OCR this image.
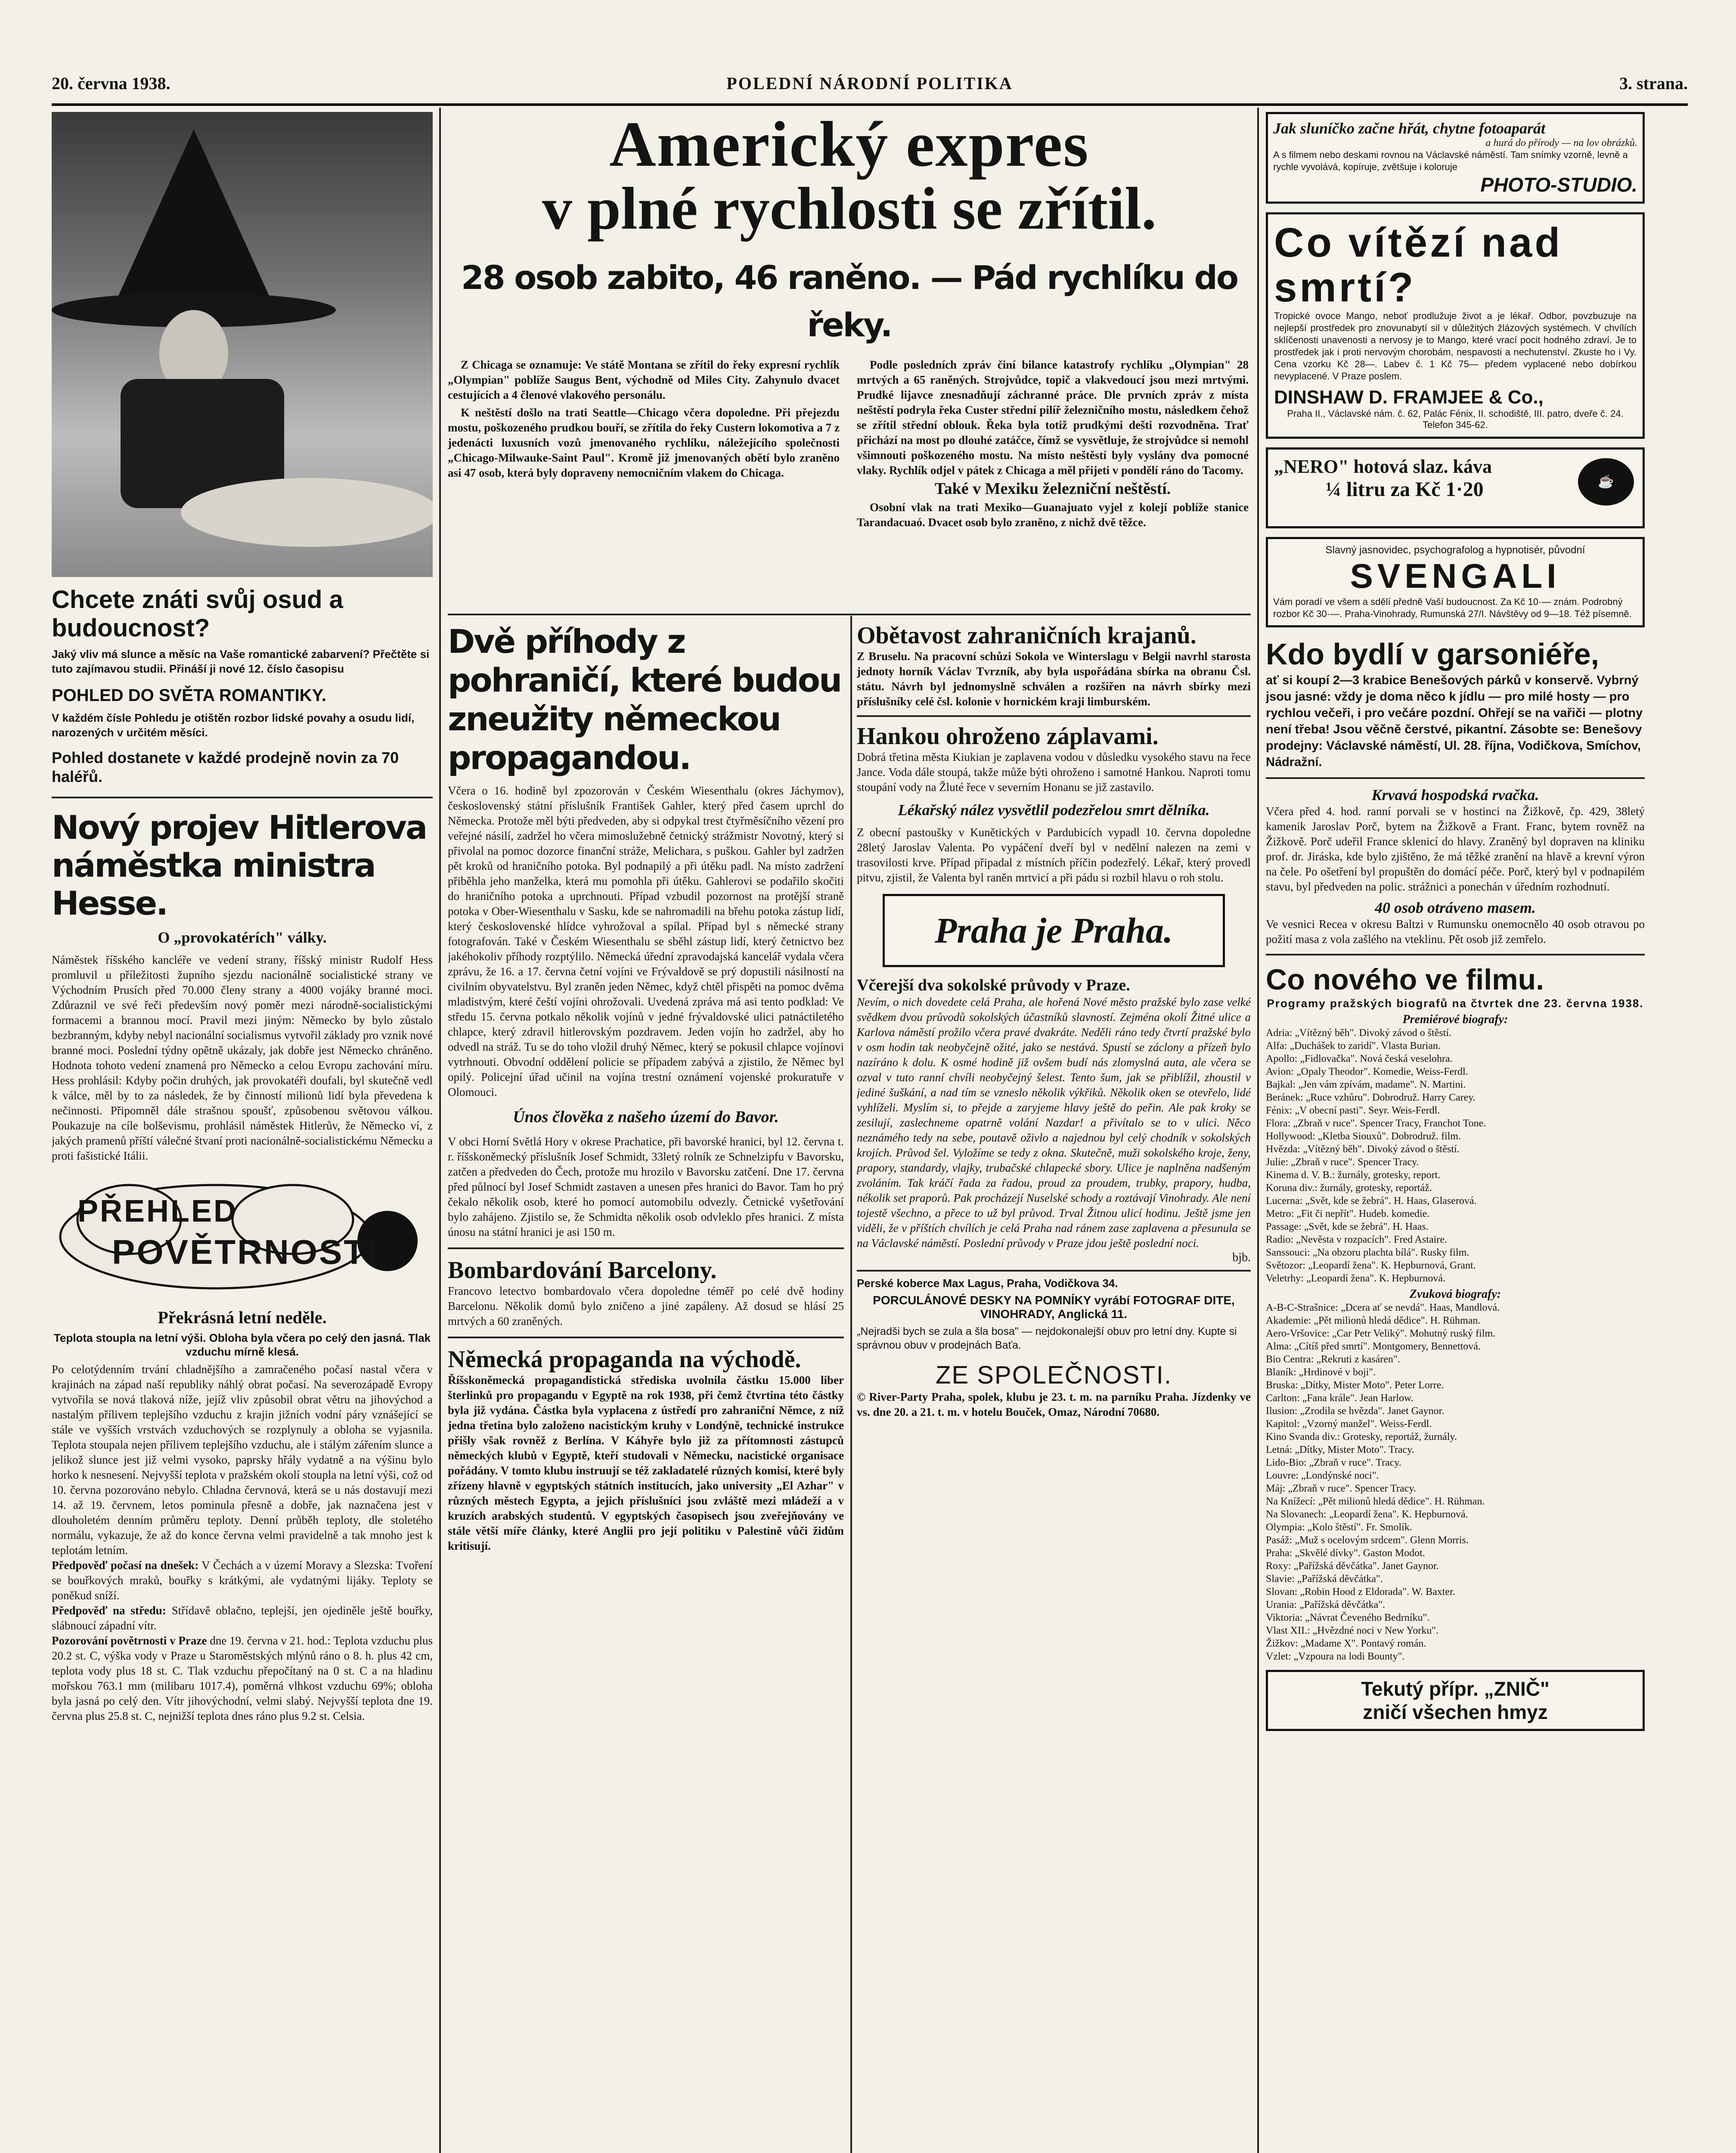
20. června 1938.	POLEDNÍ NÁRODNÍ POLITIKA	3. strana.
Chcete znáti svůj osud a budoucnost?
Jaký vliv má slunce a měsíc na Vaše romantické zabarvení? Přečtěte si tuto zajímavou studii. Přináší ji nové 12. číslo časopisu
POHLED DO SVĚTA ROMANTIKY.
V každém čísle Pohledu je otištěn rozbor lidské povahy a osudu lidí, narozených v určitém měsíci.
Pohled dostanete v každé prodejně novin za 70 haléřů.
Nový projev Hitlerova náměstka ministra Hesse.
O „provokatérích" války.
Náměstek říšského kancléře ve vedení strany, říšský ministr Rudolf Hess promluvil u příležitosti župního sjezdu nacionálně socialistické strany ve Východním Prusích před 70.000 členy strany a 4000 vojáky branné moci. Zdůraznil ve své řeči především nový poměr mezi národně-socialistickými formacemi a brannou mocí. Pravil mezi jiným: Německo by bylo zůstalo bezbranným, kdyby nebyl nacionální socialismus vytvořil základy pro vznik nové branné moci. Poslední týdny opětně ukázaly, jak dobře jest Německo chráněno. Hodnota tohoto vedení znamená pro Německo a celou Evropu zachování míru. Hess prohlásil: Kdyby počin druhých, jak provokatéři doufali, byl skutečně vedl k válce, měl by to za následek, že by činností milionů lidí byla převedena k nečinnosti. Připomněl dále strašnou spoušť, způsobenou světovou válkou. Poukazuje na cíle bolševismu, prohlásil náměstek Hitlerův, že Německo ví, z jakých pramenů příští válečné štvaní proti nacionálně-socialistickému Německu a proti fašistické Itálii.
PŘEHLED
POVĚTRNOSTI
Překrásná letní neděle.
Teplota stoupla na letní výši. Obloha byla včera po celý den jasná. Tlak vzduchu mírně klesá.
Po celotýdenním trvání chladnějšího a zamračeného počasí nastal včera v krajinách na západ naší republiky náhlý obrat počasí. Na severozápadě Evropy vytvořila se nová tlaková níže, jejíž vliv způsobil obrat větru na jihovýchod a nastalým přílivem teplejšího vzduchu z krajin jižních vodní páry vznášející se stále ve vyšších vrstvách vzduchových se rozplynuly a obloha se vyjasnila. Teplota stoupala nejen přílivem teplejšího vzduchu, ale i stálým zářením slunce a jelikož slunce jest již velmi vysoko, paprsky hřály vydatně a na výšinu bylo horko k nesnesení. Nejvyšší teplota v pražském okolí stoupla na letní výši, což od 10. června pozorováno nebylo. Chladna červnová, která se u nás dostavují mezi 14. až 19. červnem, letos pominula přesně a dobře, jak naznačena jest v dlouholetém denním průměru teploty. Denní průběh teploty, dle stoletého normálu, vykazuje, že až do konce června velmi pravidelně a tak mnoho jest k teplotám letním.
Předpověď počasí na dnešek: V Čechách a v území Moravy a Slezska: Tvoření se bouřkových mraků, bouřky s krátkými, ale vydatnými lijáky. Teploty se poněkud sníží.
Předpověď na středu: Střídavě oblačno, teplejší, jen ojediněle ještě bouřky, slábnoucí západní vítr.
Pozorování povětrnosti v Praze dne 19. června v 21. hod.: Teplota vzduchu plus 20.2 st. C, výška vody v Praze u Staroměstských mlýnů ráno o 8. h. plus 42 cm, teplota vody plus 18 st. C. Tlak vzduchu přepočítaný na 0 st. C a na hladinu mořskou 763.1 mm (milibaru 1017.4), poměrná vlhkost vzduchu 69%; obloha byla jasná po celý den. Vítr jihovýchodní, velmi slabý. Nejvyšší teplota dne 19. června plus 25.8 st. C, nejnižší teplota dnes ráno plus 9.2 st. Celsia.
Americký expres
v plné rychlosti se zřítil.
28 osob zabito, 46 raněno. — Pád rychlíku do řeky.

Z Chicaga se oznamuje: Ve státě Montana se zřítil do řeky expresní rychlík „Olympian" poblíže Saugus Bent, východně od Miles City. Zahynulo dvacet cestujících a 4 členové vlakového personálu.

K neštěstí došlo na trati Seattle—Chicago včera dopoledne. Při přejezdu mostu, poškozeného prudkou bouří, se zřítila do řeky Custern lokomotiva a 7 z jedenácti luxusních vozů jmenovaného rychlíku, náležejícího společnosti „Chicago-Milwauke-Saint Paul". Kromě již jmenovaných obětí bylo zraněno asi 47 osob, která byly dopraveny nemocničním vlakem do Chicaga.

Podle posledních zpráv činí bilance katastrofy rychlíku „Olympian" 28 mrtvých a 65 raněných. Strojvůdce, topič a vlakvedoucí jsou mezi mrtvými. Prudké lijavce znesnadňují záchranné práce. Dle prvních zpráv z místa neštěstí podryla řeka Custer střední pilíř železničního mostu, následkem čehož se zřítil střední oblouk. Řeka byla totiž prudkými dešti rozvodněna. Trať přichází na most po dlouhé zatáčce, čímž se vysvětluje, že strojvůdce si nemohl všimnouti poškozeného mostu. Na místo neštěstí byly vyslány dva pomocné vlaky. Rychlík odjel v pátek z Chicaga a měl přijeti v pondělí ráno do Tacomy.

Také v Mexiku železniční neštěstí.

Osobní vlak na trati Mexiko—Guanajuato vyjel z kolejí poblíže stanice Tarandacuaó. Dvacet osob bylo zraněno, z nichž dvě těžce.

Dvě příhody z pohraničí, které budou zneužity německou propagandou.
Včera o 16. hodině byl zpozorován v Českém Wiesenthalu (okres Jáchymov), československý státní příslušník František Gahler, který před časem uprchl do Německa. Protože měl býti předveden, aby si odpykal trest čtyřměsíčního vězení pro veřejné násilí, zadržel ho včera mimoslužebně četnický strážmistr Novotný, který si přivolal na pomoc dozorce finanční stráže, Melichara, s puškou. Gahler byl zadržen pět kroků od hraničního potoka. Byl podnapilý a při útěku padl. Na místo zadržení přiběhla jeho manželka, která mu pomohla při útěku. Gahlerovi se podařilo skočiti do hraničního potoka a uprchnouti. Případ vzbudil pozornost na protější straně potoka v Ober-Wiesenthalu v Sasku, kde se nahromadili na břehu potoka zástup lidí, který československé hlídce vyhrožoval a spílal. Případ byl s německé strany fotografován. Také v Českém Wiesenthalu se sběhl zástup lidí, který četnictvo bez jakéhokoliv příhody rozptýlilo. Německá úřední zpravodajská kancelář vydala včera zprávu, že 16. a 17. června četní vojíni ve Frývaldově se prý dopustili násilností na civilním obyvatelstvu. Byl zraněn jeden Němec, když chtěl přispěti na pomoc dvěma mladistvým, které čeští vojíni ohrožovali. Uvedená zpráva má asi tento podklad: Ve středu 15. června potkalo několik vojínů v jedné frývaldovské ulici patnáctiletého chlapce, který zdravil hitlerovským pozdravem. Jeden vojín ho zadržel, aby ho odvedl na stráž. Tu se do toho vložil druhý Němec, který se pokusil chlapce vojínovi vytrhnouti. Obvodní oddělení policie se případem zabývá a zjistilo, že Němec byl opilý. Policejní úřad učinil na vojína trestní oznámení vojenské prokuratuře v Olomouci.
Únos člověka z našeho území do Bavor.
V obci Horní Světlá Hory v okrese Prachatice, při bavorské hranici, byl 12. června t. r. říšskoněmecký příslušník Josef Schmidt, 33letý rolník ze Schnelzipfu v Bavorsku, zatčen a předveden do Čech, protože mu hrozilo v Bavorsku zatčení. Dne 17. června před půlnocí byl Josef Schmidt zastaven a unesen přes hranici do Bavor. Tam ho prý čekalo několik osob, které ho pomocí automobilu odvezly. Četnické vyšetřování bylo zahájeno. Zjistilo se, že Schmidta několik osob odvleklo přes hranici. Z místa únosu na státní hranici je asi 150 m.
Bombardování Barcelony.
Francovo letectvo bombardovalo včera dopoledne téměř po celé dvě hodiny Barcelonu. Několik domů bylo zničeno a jiné zapáleny. Až dosud se hlásí 25 mrtvých a 60 zraněných.
Německá propaganda na východě.
Říšskoněmecká propagandistická střediska uvolnila částku 15.000 liber šterlinků pro propagandu v Egyptě na rok 1938, při čemž čtvrtina této částky byla již vydána. Částka byla vyplacena z ústředí pro zahraniční Němce, z níž jedna třetina bylo založeno nacistickým kruhy v Londýně, technické instrukce přišly však rovněž z Berlína. V Káhyře bylo již za přítomnosti zástupců německých klubů v Egyptě, kteří studovali v Německu, nacistické organisace pořádány. V tomto klubu instruují se též zakladatelé různých komisí, které byly zřízeny hlavně v egyptských státních institucích, jako university „El Azhar" v různých městech Egypta, a jejich příslušníci jsou zvláště mezi mládeží a v kruzích arabských studentů. V egyptských časopisech jsou zveřejňovány ve stále větší míře články, které Anglii pro její politiku v Palestině vůči židům kritisují.
Obětavost zahraničních krajanů.
Z Bruselu. Na pracovní schůzi Sokola ve Winterslagu v Belgii navrhl starosta jednoty horník Václav Tvrzník, aby byla uspořádána sbírka na obranu Čsl. státu. Návrh byl jednomyslně schválen a rozšířen na návrh sbírky mezi příslušníky celé čsl. kolonie v hornickém kraji limburském.
Hankou ohroženo záplavami.
Dobrá třetina města Kiukian je zaplavena vodou v důsledku vysokého stavu na řece Jance. Voda dále stoupá, takže může býti ohroženo i samotné Hankou. Naproti tomu stoupání vody na Žluté řece v severním Honanu se již zastavilo.
Lékařský nález vysvětlil podezřelou smrt dělníka.
Z obecní pastoušky v Kunětických v Pardubicích vypadl 10. června dopoledne 28letý Jaroslav Valenta. Po vypáčení dveří byl v nedělní nalezen na zemi v trasovilosti krve. Případ připadal z místních příčin podezřelý. Lékař, který provedl pitvu, zjistil, že Valenta byl raněn mrtvicí a při pádu si rozbil hlavu o roh stolu.
Praha je Praha.
Včerejší dva sokolské průvody v Praze.
Nevím, o nich dovedete celá Praha, ale hořená Nové město pražské bylo zase velké svědkem dvou průvodů sokolských účastníků slavností. Zejména okolí Žitné ulice a Karlova náměstí prožilo včera pravé dvakráte. Neděli ráno tedy čtvrtí pražské bylo v osm hodin tak neobyčejně ožité, jako se nestává. Spustí se záclony a přízeň bylo nazíráno k dolu. K osmé hodině již ovšem budí nás zlomyslná auta, ale včera se ozval v tuto ranní chvíli neobyčejný šelest. Tento šum, jak se přiblížil, zhoustil v jediné šuškání, a nad tím se vzneslo několik výkřiků. Několik oken se otevřelo, lidé vyhlíželi. Myslím si, to přejde a zaryjeme hlavy ještě do peřin. Ale pak kroky se zesilují, zaslechneme opatrně volání Nazdar! a přivítalo se to v ulici. Něco neznámého tedy na sebe, poutavě oživlo a najednou byl celý chodník v sokolských krojích. Průvod šel. Vyložíme se tedy z okna. Skutečně, muži sokolského kroje, ženy, prapory, standardy, vlajky, trubačské chlapecké sbory. Ulice je naplněna nadšeným zvoláním. Tak kráčí řada za řadou, proud za proudem, trubky, prapory, hudba, nékolik set praporů. Pak procházejí Nuselské schody a roztávají Vinohrady. Ale není tojestě všechno, a přece to už byl průvod. Trval Žitnou ulicí hodinu. Ještě jsme jen viděli, že v příštích chvílích je celá Praha nad ránem zase zaplavena a přesunula se na Václavské náměstí. Poslední průvody v Praze jdou ještě poslední noci.
bjb.
Perské koberce Max Lagus, Praha, Vodičkova 34.
PORCULÁNOVÉ DESKY NA POMNÍKY vyrábí FOTOGRAF DITE, VINOHRADY, Anglická 11.
„Nejradši bych se zula a šla bosa" — nejdokonalejší obuv pro letní dny. Kupte si správnou obuv v prodejnách Baťa.
ZE SPOLEČNOSTI.
© River-Party Praha, spolek, klubu je 23. t. m. na parníku Praha. Jízdenky ve vs. dne 20. a 21. t. m. v hotelu Bouček, Omaz, Národní 70680.
Jak sluníčko začne hřát, chytne fotoaparát
a hurá do přírody — na lov obrázků.
A s filmem nebo deskami rovnou na Václavské náměstí. Tam snímky vzorně, levně a rychle vyvolává, kopíruje, zvětšuje i koloruje
PHOTO-STUDIO.
Co vítězí nad smrtí?
Tropické ovoce Mango, neboť prodlužuje život a je lékař. Odbor, povzbuzuje na nejlepší prostředek pro znovunabytí sil v důležitých žlázových systémech. V chvílích sklíčenosti unavenosti a nervosy je to Mango, které vrací pocit hodného zdraví. Je to prostředek jak i proti nervovým chorobám, nespavosti a nechutenství. Zkuste ho i Vy. Cena vzorku Kč 28—. Labev č. 1 Kč 75— předem vyplacené nebo dobírkou nevyplacené. V Praze poslem.
DINSHAW D. FRAMJEE & Co.,
Praha II., Václavské nám. č. 62, Palác Fénix, II. schodiště, III. patro, dveře č. 24. Telefon 345-62.
„NERO" hotová slaz. káva
¼ litru za Kč 1·20	☕
Slavný jasnovidec, psychografolog a hypnotisér, původní
SVENGALI
Vám poradí ve všem a sdělí předně Vaší budoucnost. Za Kč 10·— znám. Podrobný rozbor Kč 30·—. Praha-Vinohrady, Rumunská 27/I. Návštěvy od 9—18. Též písemně.
Kdo bydlí v garsoniéře,
ať si koupí 2—3 krabice Benešových párků v konservě. Vybrný jsou jasné: vždy je doma něco k jídlu — pro milé hosty — pro rychlou večeři, i pro večáre pozdní. Ohřejí se na vařiči — plotny není třeba! Jsou věčně čerstvé, pikantní. Zásobte se: Benešovy prodejny: Václavské náměstí, Ul. 28. října, Vodičkova, Smíchov, Nádražní.
Krvavá hospodská rvačka.
Včera před 4. hod. ranní porvali se v hostinci na Žižkově, čp. 429, 38letý kamenik Jaroslav Porč, bytem na Žižkově a Frant. Franc, bytem rovněž na Žižkově. Porč udeřil France sklenicí do hlavy. Zraněný byl dopraven na kliniku prof. dr. Jiráska, kde bylo zjištěno, že má těžké zranění na hlavě a krevní výron na čele. Po ošetření byl propuštěn do domácí péče. Porč, který byl v podnapilém stavu, byl předveden na polic. strážnici a ponechán v úředním rozhodnutí.
40 osob otráveno masem.
Ve vesnici Recea v okresu Baltzi v Rumunsku onemocnělo 40 osob otravou po požití masa z vola zašlého na vteklinu. Pět osob již zemřelo.
Co nového ve filmu.
Programy pražských biografů na čtvrtek dne 23. června 1938.
Premiérové biografy:
Adria: „Vítězný běh". Divoký závod o štěstí.
Alfa: „Duchášek to zaridí". Vlasta Burian.
Apollo: „Fidlovačka". Nová česká veselohra.
Avion: „Opaly Theodor". Komedie, Weiss-Ferdl.
Bajkal: „Jen vám zpívám, madame". N. Martini.
Beránek: „Ruce vzhůru". Dobrodruž. Harry Carey.
Fénix: „V obecní pasti". Seyr. Weis-Ferdl.
Flora: „Zbraň v ruce". Spencer Tracy, Franchot Tone.
Hollywood: „Kletba Siouxů". Dobrodruž. film.
Hvězda: „Vítězný běh". Divoký závod o štěstí.
Julie: „Zbraň v ruce". Spencer Tracy.
Kinema d. V. B.: žurnály, grotesky, report.
Koruna div.: žurnály, grotesky, reportáž.
Lucerna: „Svět, kde se žebrá". H. Haas, Glaserová.
Metro: „Fit či nepřít". Hudeb. komedie.
Passage: „Svět, kde se žebrá". H. Haas.
Radio: „Nevěsta v rozpacích". Fred Astaire.
Sanssouci: „Na obzoru plachta bílá". Rusky film.
Světozor: „Leopardí žena". K. Hepburnová, Grant.
Veletrhy: „Leopardí žena". K. Hepburnová.
Zvuková biografy:
A-B-C-Strašnice: „Dcera ať se nevdá". Haas, Mandlová.
Akademie: „Pět milionů hledá dědice". H. Rühman.
Aero-Vršovice: „Car Petr Veliký". Mohutný ruský film.
Alma: „Cítíš před smrtí". Montgomery, Bennettová.
Bio Centra: „Rekruti z kasáren".
Blaník: „Hrdinové v boji".
Bruska: „Dítky, Mister Moto". Peter Lorre.
Carlton: „Fana krále". Jean Harlow.
Ilusion: „Zrodila se hvězda". Janet Gaynor.
Kapitol: „Vzorný manžel". Weiss-Ferdl.
Kino Svanda div.: Grotesky, reportáž, žurnály.
Letná: „Dítky, Mister Moto". Tracy.
Lido-Bio: „Zbraň v ruce". Tracy.
Louvre: „Londýnské noci".
Máj: „Zbraň v ruce". Spencer Tracy.
Na Knížecí: „Pět milionů hledá dědice". H. Rühman.
Na Slovanech: „Leopardí žena". K. Hepburnová.
Olympia: „Kolo štěstí". Fr. Smolík.
Pasáž: „Muž s ocelovým srdcem". Glenn Morris.
Praha: „Skvělé dívky". Gaston Modot.
Roxy: „Pařížská děvčátka". Janet Gaynor.
Slavie: „Pařížská děvčátka".
Slovan: „Robin Hood z Eldorada". W. Baxter.
Urania: „Pařížská děvčátka".
Viktoria: „Návrat Čeveného Bedrníku".
Vlast XII.: „Hvězdné noci v New Yorku".
Žižkov: „Madame X". Pontavý román.
Vzlet: „Vzpoura na lodi Bounty".
Tekutý přípr. „ZNIČ"
zničí všechen hmyz
